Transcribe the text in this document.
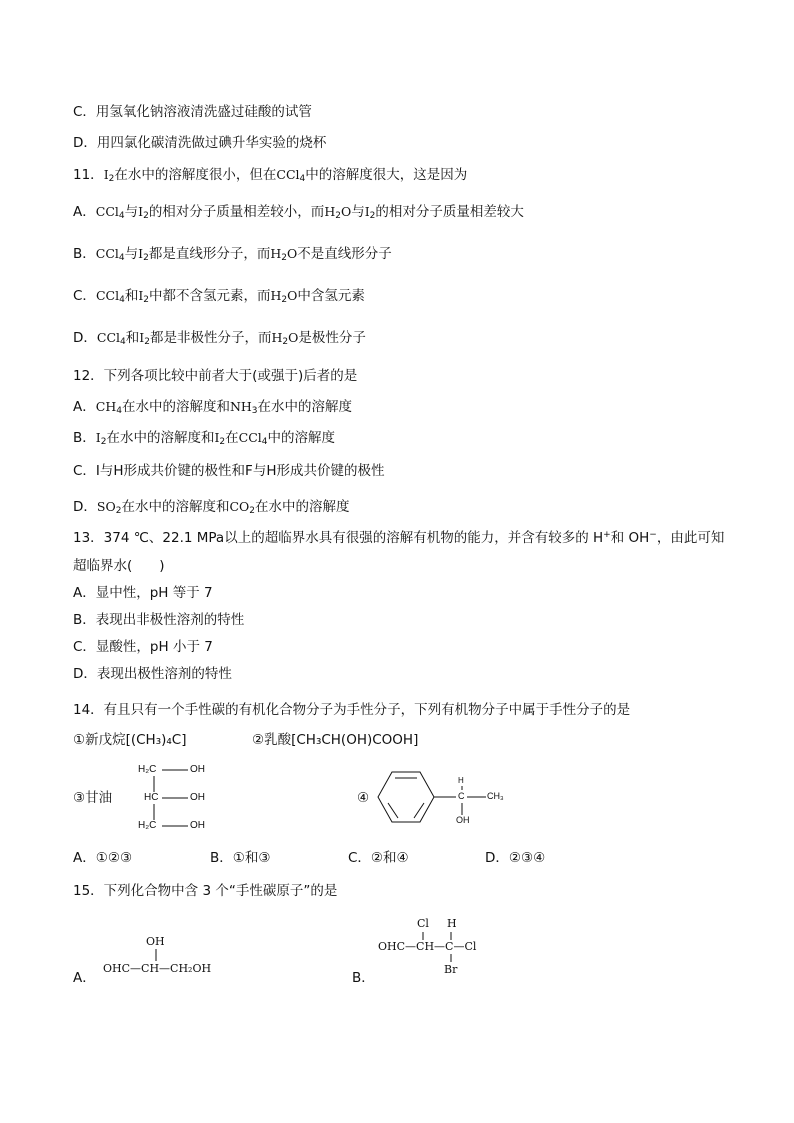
C．用氢氧化钠溶液清洗盛过硅酸的试管
D．用四氯化碳清洗做过碘升华实验的烧杯
11．$I_2$在水中的溶解度很小，但在CCl$_4$中的溶解度很大，这是因为
A．CCl$_4$与$I_2$的相对分子质量相差较小，而$H_2O$与$I_2$的相对分子质量相差较大
B．CCl$_4$与$I_2$都是直线形分子，而$H_2O$不是直线形分子
C．CCl$_4$和$I_2$中都不含氢元素，而$H_2O$中含氢元素
D．CCl$_4$和$I_2$都是非极性分子，而$H_2O$是极性分子
12．下列各项比较中前者大于(或强于)后者的是
A．$CH_4$在水中的溶解度和$NH_3$在水中的溶解度
B．$I_2$在水中的溶解度和$I_2$在CCl$_4$中的溶解度
C．I与H形成共价键的极性和F与H形成共价键的极性
D．$SO_2$在水中的溶解度和$CO_2$在水中的溶解度
13．374 ℃、22.1 MPa以上的超临界水具有很强的溶解有机物的能力，并含有较多的 H+和 OH−，由此可知
超临界水(　　)
A．显中性，pH 等于 7
B．表现出非极性溶剂的特性
C．显酸性，pH 小于 7
D．表现出极性溶剂的特性
14．有且只有一个手性碳的有机化合物分子为手性分子，下列有机物分子中属于手性分子的是
①新戊烷[(CH₃)₄C]	②乳酸[CH₃CH(OH)COOH]
③甘油
H₂C
HC
H₂C
OH
OH
OH
④
H
C	CH₃
OH
A．①②③	B．①和③	C．②和④	D．②③④
15．下列化合物中含 3 个“手性碳原子”的是
A．
OH
OHC—CH—CH₂OH
B．
Cl H
OHC—CH—C—Cl
Br
